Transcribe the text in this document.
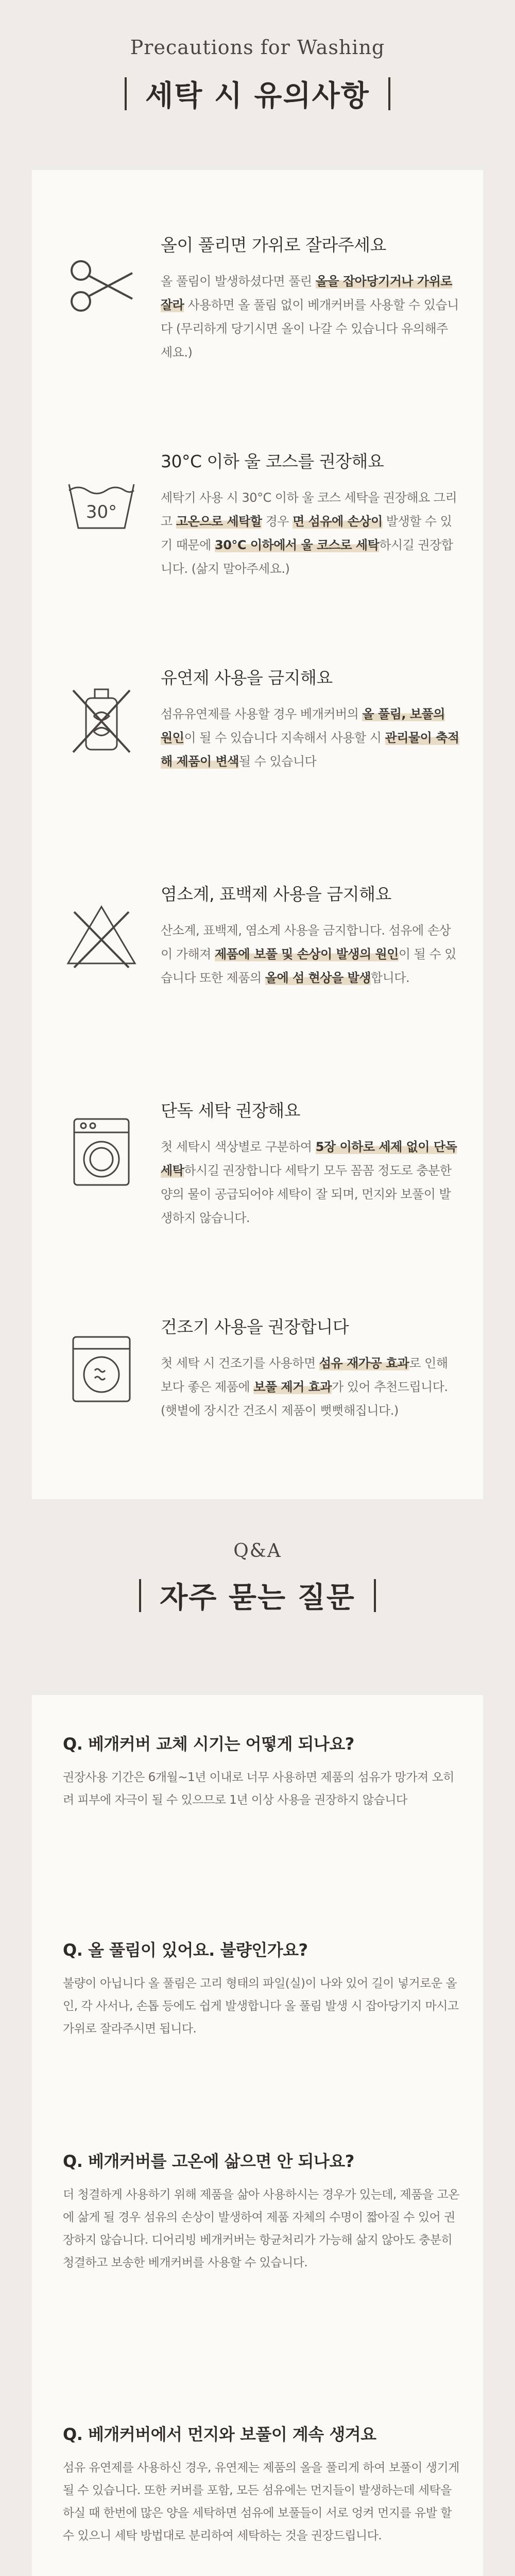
Precautions for Washing
세탁 시 유의사항
올이 풀리면 가위로 잘라주세요

올 풀림이 발생하셨다면 풀린 올을 잡아당기거나 가위로 잘라 사용하면 올 풀림 없이 베개커버를 사용할 수 있습니다 (무리하게 당기시면 올이 나갈 수 있습니다 유의해주세요.)

30°
30°C 이하 울 코스를 권장해요

세탁기 사용 시 30°C 이하 울 코스 세탁을 권장해요 그리고 고온으로 세탁할 경우 면 섬유에 손상이 발생할 수 있기 때문에 30°C 이하에서 울 코스로 세탁하시길 권장합니다. (삶지 말아주세요.)

유연제 사용을 금지해요

섬유유연제를 사용할 경우 베개커버의 올 풀림, 보풀의 원인이 될 수 있습니다 지속해서 사용할 시 관리물이 축적해 제품이 변색될 수 있습니다

염소계, 표백제 사용을 금지해요

산소계, 표백제, 염소계 사용을 금지합니다. 섬유에 손상이 가해져 제품에 보풀 및 손상이 발생의 원인이 될 수 있습니다 또한 제품의 올에 섬 현상을 발생합니다.

단독 세탁 권장해요

첫 세탁시 색상별로 구분하여 5장 이하로 세제 없이 단독 세탁하시길 권장합니다 세탁기 모두 꼼꼼 정도로 충분한 양의 물이 공급되어야 세탁이 잘 되며, 먼지와 보풀이 발생하지 않습니다.

건조기 사용을 권장합니다

첫 세탁 시 건조기를 사용하면 섬유 재가공 효과로 인해 보다 좋은 제품에 보풀 제거 효과가 있어 추천드립니다. (햇볕에 장시간 건조시 제품이 뻣뻣해집니다.)

Q&A
자주 묻는 질문
Q. 베개커버 교체 시기는 어떻게 되나요?

권장사용 기간은 6개월~1년 이내로 너무 사용하면 제품의 섬유가 망가져 오히려 피부에 자극이 될 수 있으므로 1년 이상 사용을 권장하지 않습니다

Q. 올 풀림이 있어요. 불량인가요?

불량이 아닙니다 올 풀림은 고리 형태의 파일(실)이 나와 있어 길이 넣거로운 올인, 각 사서나, 손톱 등에도 쉽게 발생합니다 올 풀림 발생 시 잡아당기지 마시고 가위로 잘라주시면 됩니다.

Q. 베개커버를 고온에 삶으면 안 되나요?

더 청결하게 사용하기 위해 제품을 삶아 사용하시는 경우가 있는데, 제품을 고온에 삶게 될 경우 섬유의 손상이 발생하여 제품 자체의 수명이 짧아질 수 있어 권장하지 않습니다. 디어리빙 베개커버는 항균처리가 가능해 삶지 않아도 충분히 청결하고 보송한 베개커버를 사용할 수 있습니다.

Q. 베개커버에서 먼지와 보풀이 계속 생겨요

섬유 유연제를 사용하신 경우, 유연제는 제품의 올을 풀리게 하여 보풀이 생기게 될 수 있습니다. 또한 커버를 포함, 모든 섬유에는 먼지들이 발생하는데 세탁을 하실 때 한번에 많은 양을 세탁하면 섬유에 보풀들이 서로 엉켜 먼지를 유발 할 수 있으니 세탁 방법대로 분리하여 세탁하는 것을 권장드립니다.
